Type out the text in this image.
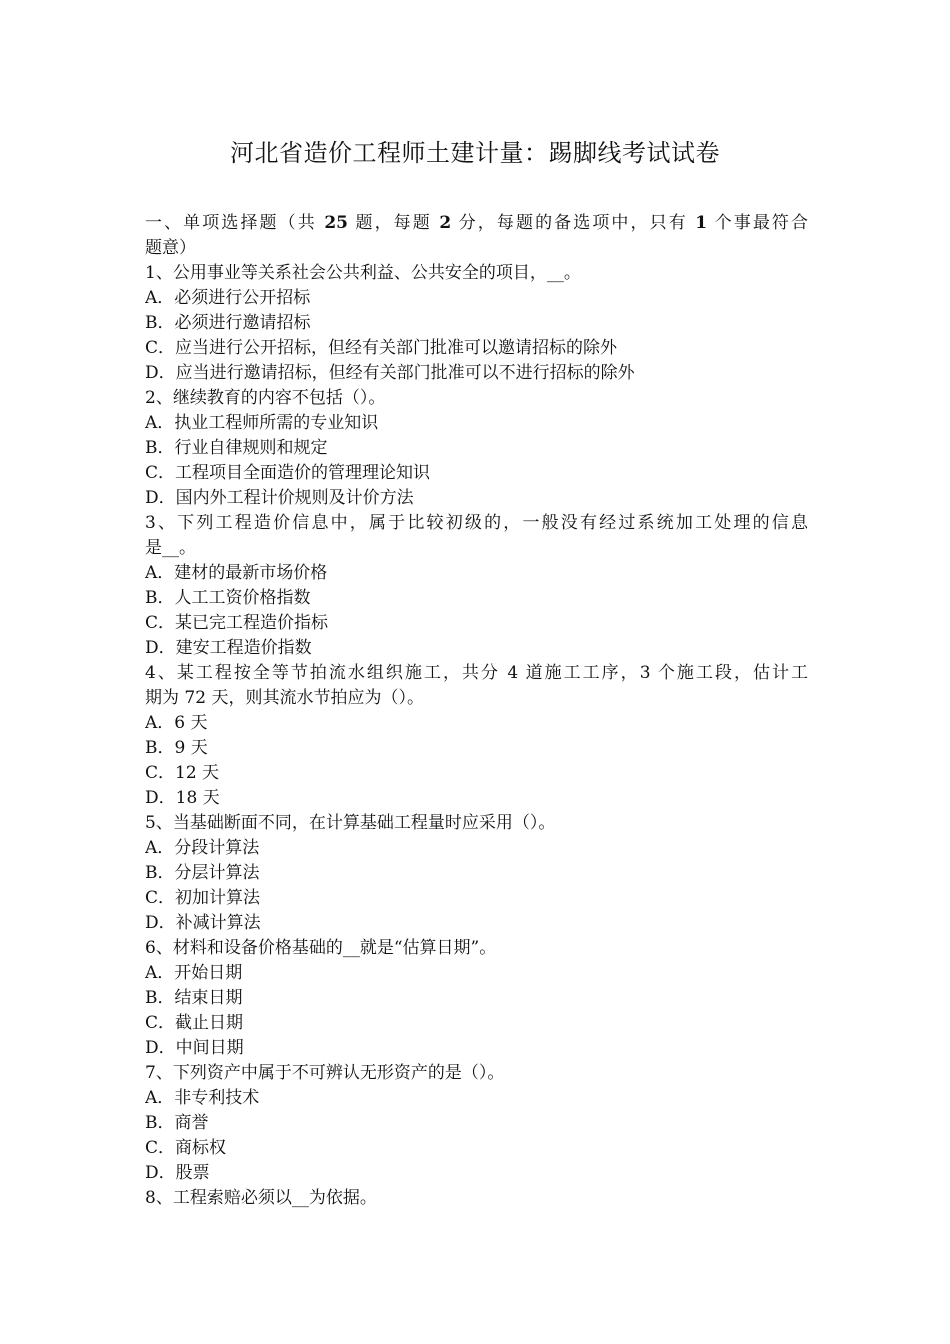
河北省造价工程师土建计量：踢脚线考试试卷
一、单项选择题（共 25 题，每题 2 分，每题的备选项中，只有 1 个事最符合
题意）
1、公用事业等关系社会公共利益、公共安全的项目，__。
A．必须进行公开招标
B．必须进行邀请招标
C．应当进行公开招标，但经有关部门批准可以邀请招标的除外
D．应当进行邀请招标，但经有关部门批准可以不进行招标的除外
2、继续教育的内容不包括（）。
A．执业工程师所需的专业知识
B．行业自律规则和规定
C．工程项目全面造价的管理理论知识
D．国内外工程计价规则及计价方法
3、下列工程造价信息中，属于比较初级的，一般没有经过系统加工处理的信息
是__。
A．建材的最新市场价格
B．人工工资价格指数
C．某已完工程造价指标
D．建安工程造价指数
4、某工程按全等节拍流水组织施工，共分 4 道施工工序，3 个施工段，估计工
期为 72 天，则其流水节拍应为（）。
A．6 天
B．9 天
C．12 天
D．18 天
5、当基础断面不同，在计算基础工程量时应采用（）。
A．分段计算法
B．分层计算法
C．初加计算法
D．补减计算法
6、材料和设备价格基础的__就是“估算日期”。
A．开始日期
B．结束日期
C．截止日期
D．中间日期
7、下列资产中属于不可辨认无形资产的是（）。
A．非专利技术
B．商誉
C．商标权
D．股票
8、工程索赔必须以__为依据。
